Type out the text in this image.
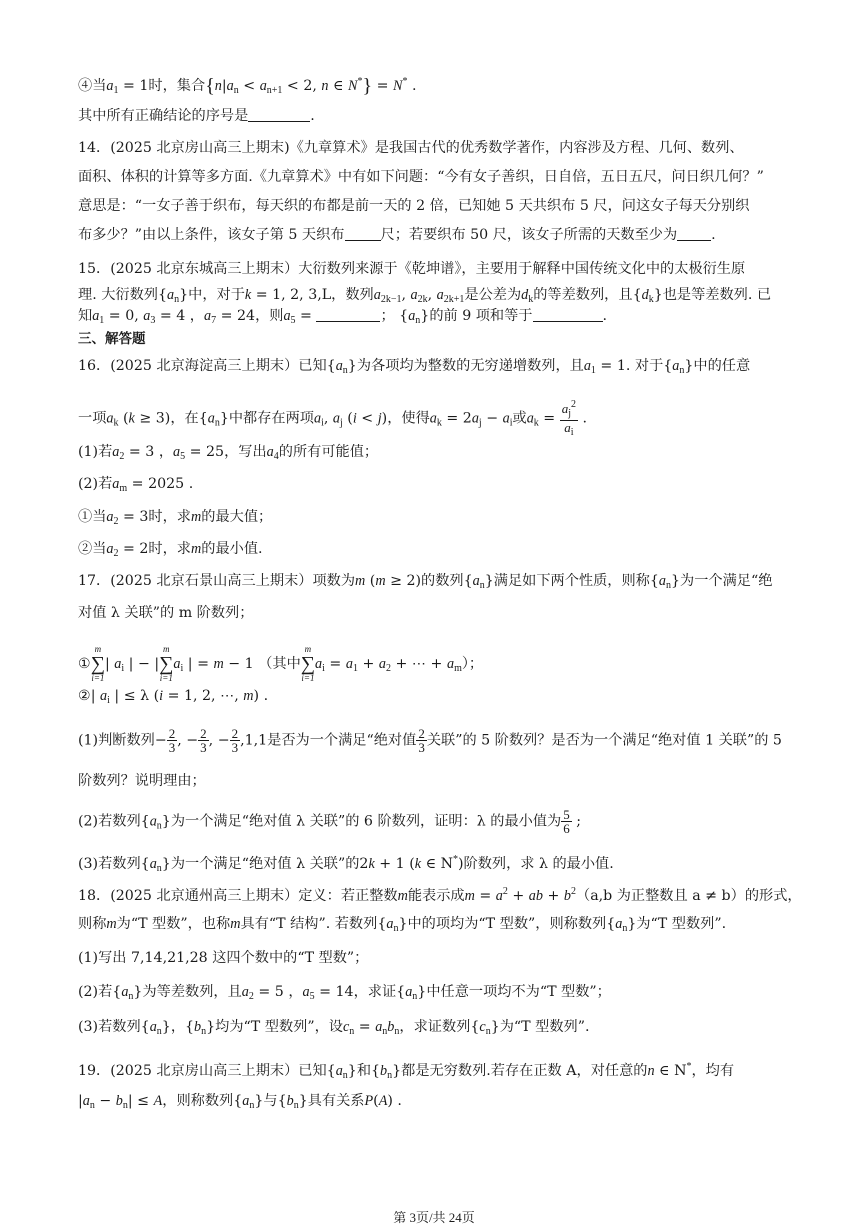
④当$a_1 = 1$时，集合{$n|a_n < a_{n+1} < 2$, n ∈ N*} = N* .
其中所有正确结论的序号是	.
14．(2025 北京房山高三上期末)《九章算术》是我国古代的优秀数学著作，内容涉及方程、几何、数列、
面积、体积的计算等多方面.《九章算术》中有如下问题：“今有女子善织，日自倍，五日五尺，问日织几何？”
意思是：“一女子善于织布，每天织的布都是前一天的 2 倍，已知她 5 天共织布 5 尺，问这女子每天分别织
布多少？”由以上条件，该女子第 5 天织布	尺；若要织布 50 尺，该女子所需的天数至少为 .
15．(2025 北京东城高三上期末）大衍数列来源于《乾坤谱》，主要用于解释中国传统文化中的太极衍生原
理. 大衍数列$\{a_n\}$中，对于k = 1, 2, 3,L，数列$a_{2k-1}$, $a_{2k}$, $a_{2k+1}$是公差为$d_k$的等差数列，且$\{d_k\}$也是等差数列. 已
知$a_1 = 0$, $a_3 = 4$ ，$a_7 = 24$，则$a_5$ =	； $\{a_n\}$的前 9 项和等于	.
三、解答题
16．(2025 北京海淀高三上期末）已知$\{a_n\}$为各项均为整数的无穷递增数列，且$a_1 = 1$. 对于$\{a_n\}$中的任意
一项$a_k$ (k ≥ 3)，在$\{a_n\}$中都存在两项$a_i$, $a_j$ (i < j)，使得$a_k = 2a_j - a_i$或$a_k = \frac{a_j^2}{a_i}$ .
(1)若$a_2 = 3$ ，$a_5 = 25$，写出$a_4$的所有可能值；
(2)若$a_m = 2025$ .
①当$a_2 = 3$时，求m的最大值；
②当$a_2 = 2$时，求m的最小值.
17．(2025 北京石景山高三上期末）项数为m (m ≥ 2)的数列$\{a_n\}$满足如下两个性质，则称$\{a_n\}$为一个满足“绝
对值 λ 关联”的 m 阶数列；
①
m
∑
i=1
| $a_i$ | − |
m
∑
i=1
$a_i$ | = m − 1 （其中
m
∑
i=1
$a_i = a_1 + a_2$ + ⋯ + $a_m$）；
②| $a_i$ | ≤ λ (i = 1, 2, ⋯, m) .
(1)判断数列− $\frac{2}{3}$ , − $\frac{2}{3}$ , − $\frac{2}{3} ,1,1$是否为一个满足“绝对值 $\frac{2}{3}$ 关联”的 5 阶数列？是否为一个满足“绝对值 1 关联”的 5
阶数列？说明理由；
(2)若数列$\{a_n\}$为一个满足“绝对值 λ 关联”的 6 阶数列，证明：λ 的最小值为 $\frac{5}{6}$ ;
(3)若数列$\{a_n\}$为一个满足“绝对值 λ 关联”的2k + 1 (k ∈ N*)阶数列，求 λ 的最小值.
18．(2025 北京通州高三上期末）定义：若正整数m能表示成$m = a^2$ + ab + $b^2(a,b$ 为正整数且 a ≠ b）的形式，
则称m为“T 型数”，也称m具有“T 结构”. 若数列$\{a_n\}$中的项均为“T 型数”，则称数列$\{a_n\}$为“T 型数列”.
(1)写出 7,14,21,28 这四个数中的“T 型数”；
(2)若$\{a_n\}$为等差数列，且$a_2 = 5$ ，$a_5 = 14$，求证$\{a_n\}$中任意一项均不为“T 型数”；
(3)若数列$\{a_n\}$，$\{b_n\}$均为“T 型数列”，设$c_n = a_nb_n$，求证数列$\{c_n\}$为“T 型数列”.
19．(2025 北京房山高三上期末）已知$\{a_n\}$和$\{b_n\}$都是无穷数列.若存在正数 A，对任意的n ∈ N*，均有
$|a_n - b_n| \le A$，则称数列$\{a_n\}$与$\{b_n\}$具有关系P(A) .
第 3页/共 24页
